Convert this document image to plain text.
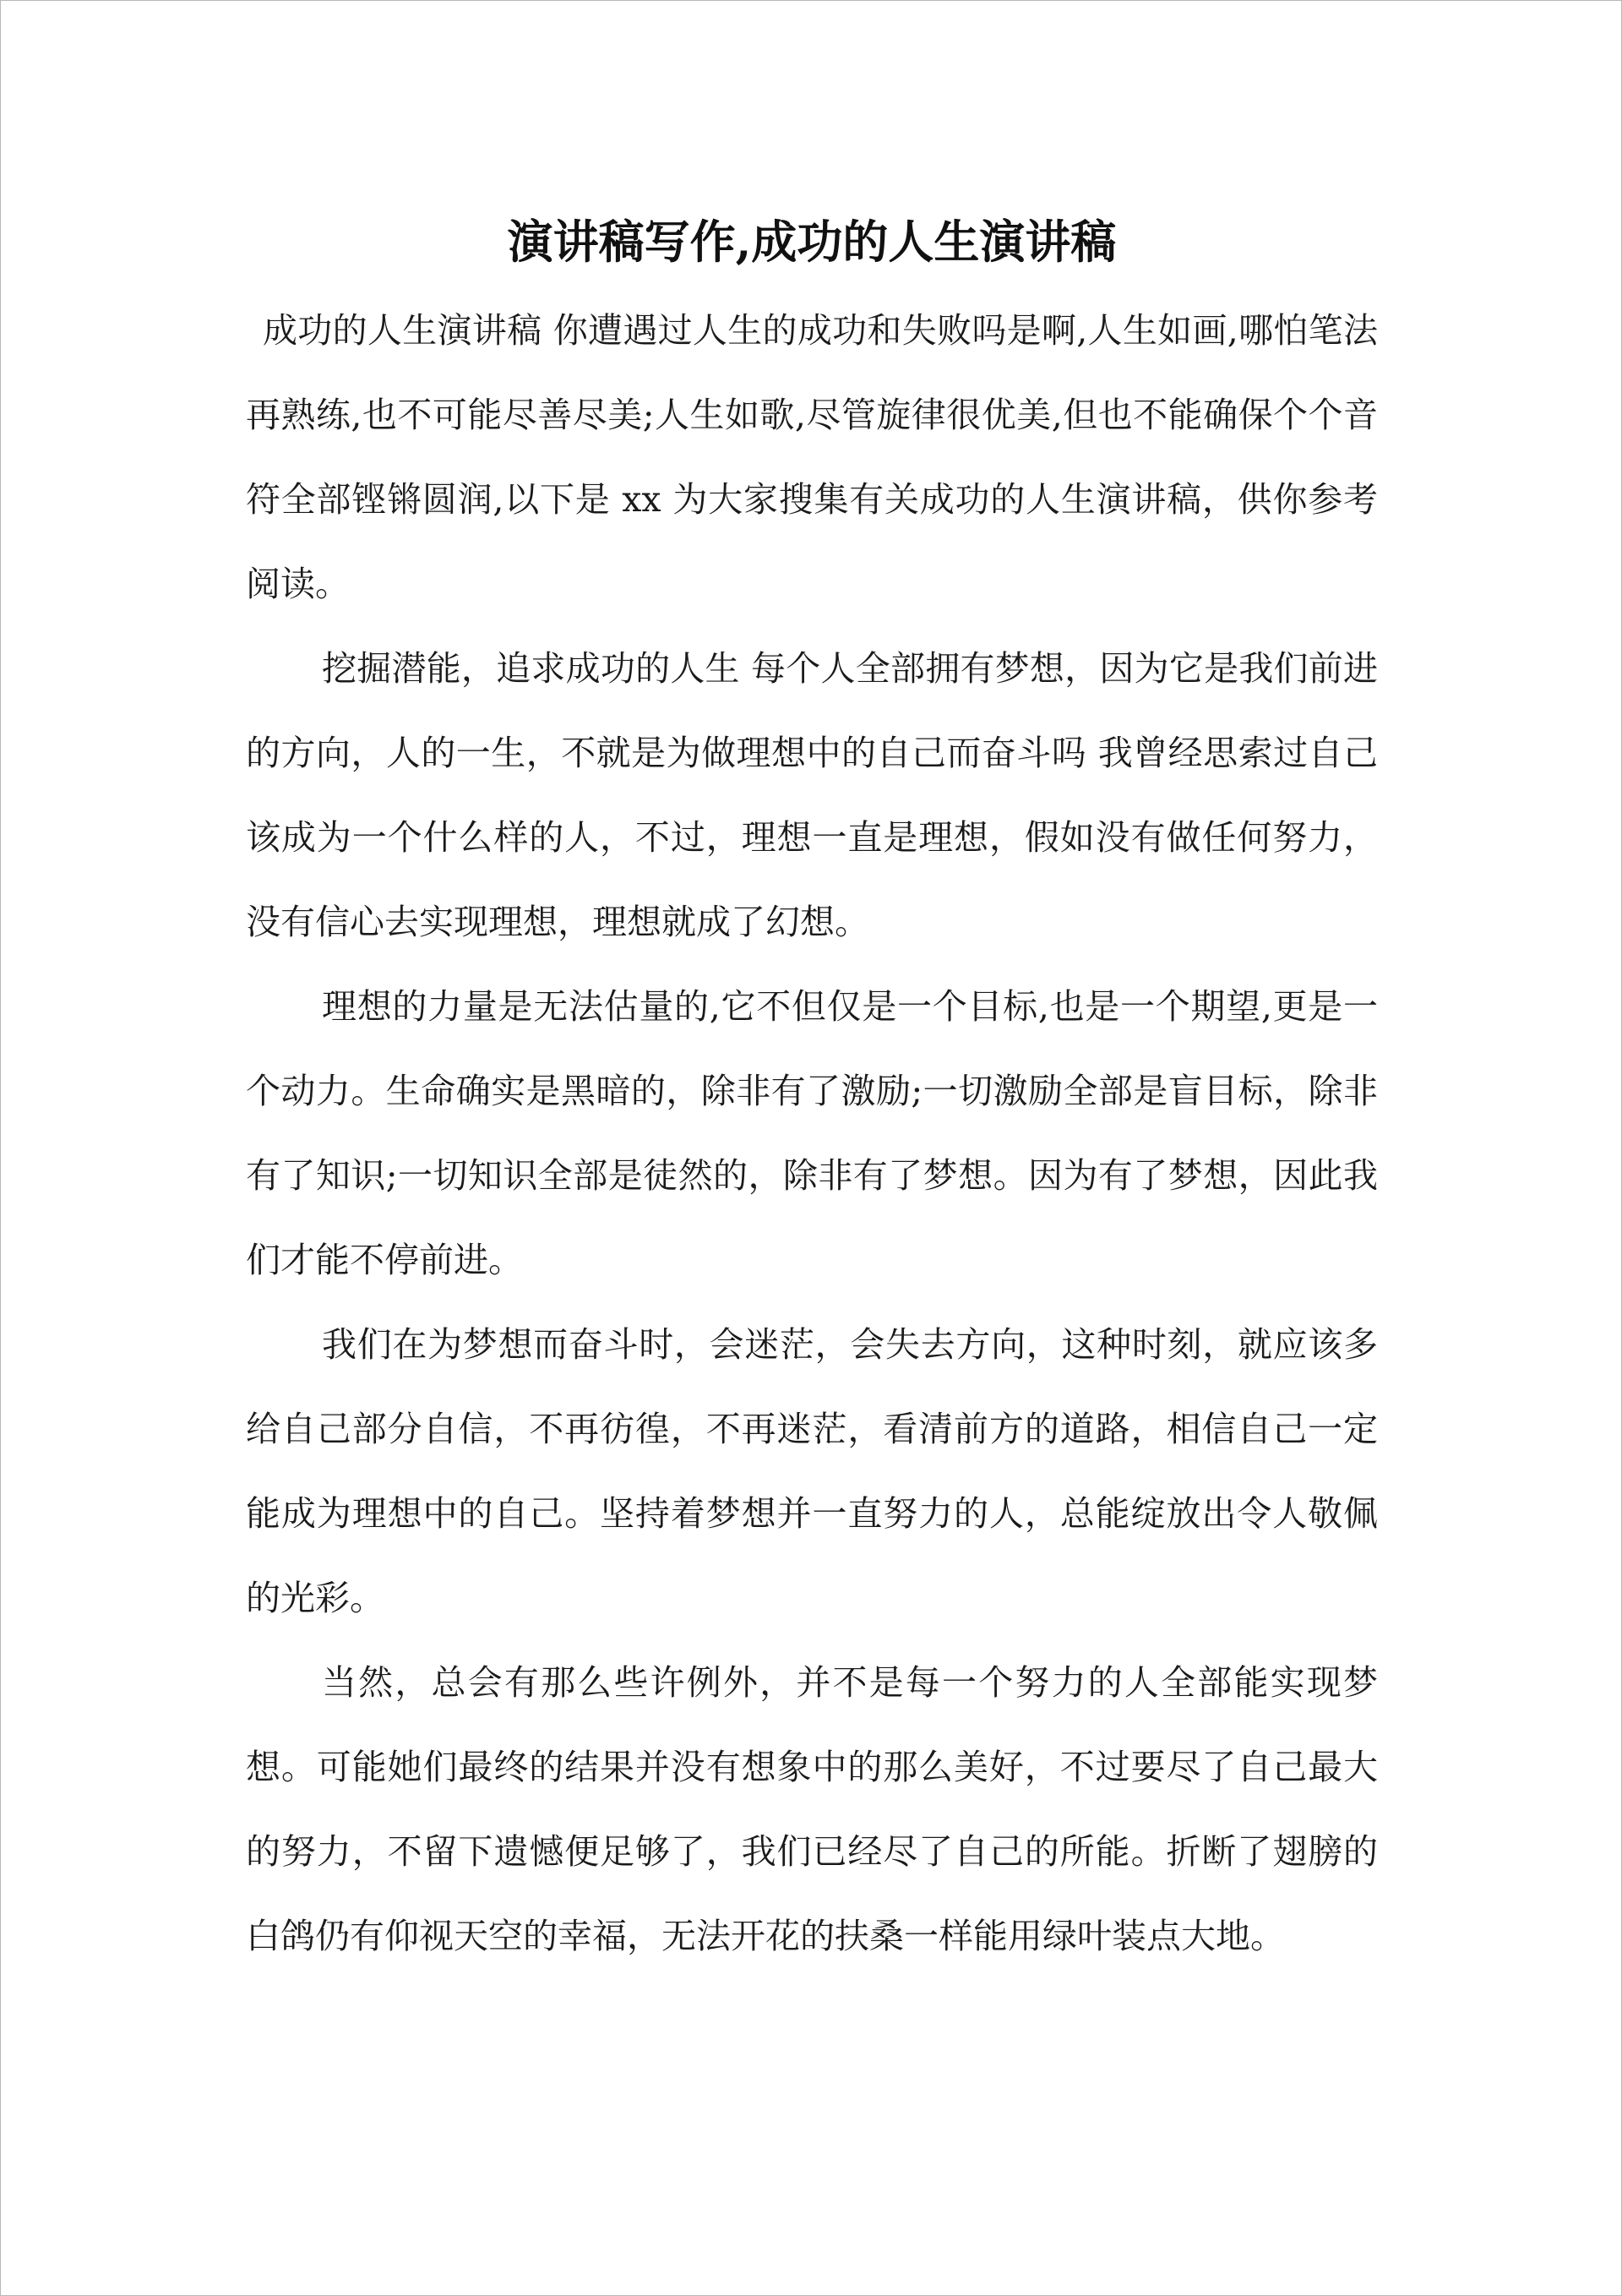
演讲稿写作,成功的人生演讲稿

成功的人生演讲稿 你遭遇过人生的成功和失败吗是啊,人生如画,哪怕笔法再熟练,也不可能尽善尽美;人生如歌,尽管旋律很优美,但也不能确保个个音符全部铿锵圆润,以下是 xx 为大家搜集有关成功的人生演讲稿，供你参考阅读。

挖掘潜能，追求成功的人生 每个人全部拥有梦想，因为它是我们前进的方向，人的一生，不就是为做理想中的自己而奋斗吗 我曾经思索过自己该成为一个什么样的人，不过，理想一直是理想，假如没有做任何努力，没有信心去实现理想，理想就成了幻想。

理想的力量是无法估量的,它不但仅是一个目标,也是一个期望,更是一个动力。生命确实是黑暗的，除非有了激励;一切激励全部是盲目标，除非有了知识;一切知识全部是徒然的，除非有了梦想。因为有了梦想，因此我们才能不停前进。

我们在为梦想而奋斗时，会迷茫，会失去方向，这种时刻，就应该多给自己部分自信，不再彷徨，不再迷茫，看清前方的道路，相信自己一定能成为理想中的自己。坚持着梦想并一直努力的人，总能绽放出令人敬佩的光彩。

当然，总会有那么些许例外，并不是每一个努力的人全部能实现梦想。可能她们最终的结果并没有想象中的那么美好，不过要尽了自己最大的努力，不留下遗憾便足够了，我们已经尽了自己的所能。折断了翅膀的白鸽仍有仰视天空的幸福，无法开花的扶桑一样能用绿叶装点大地。
